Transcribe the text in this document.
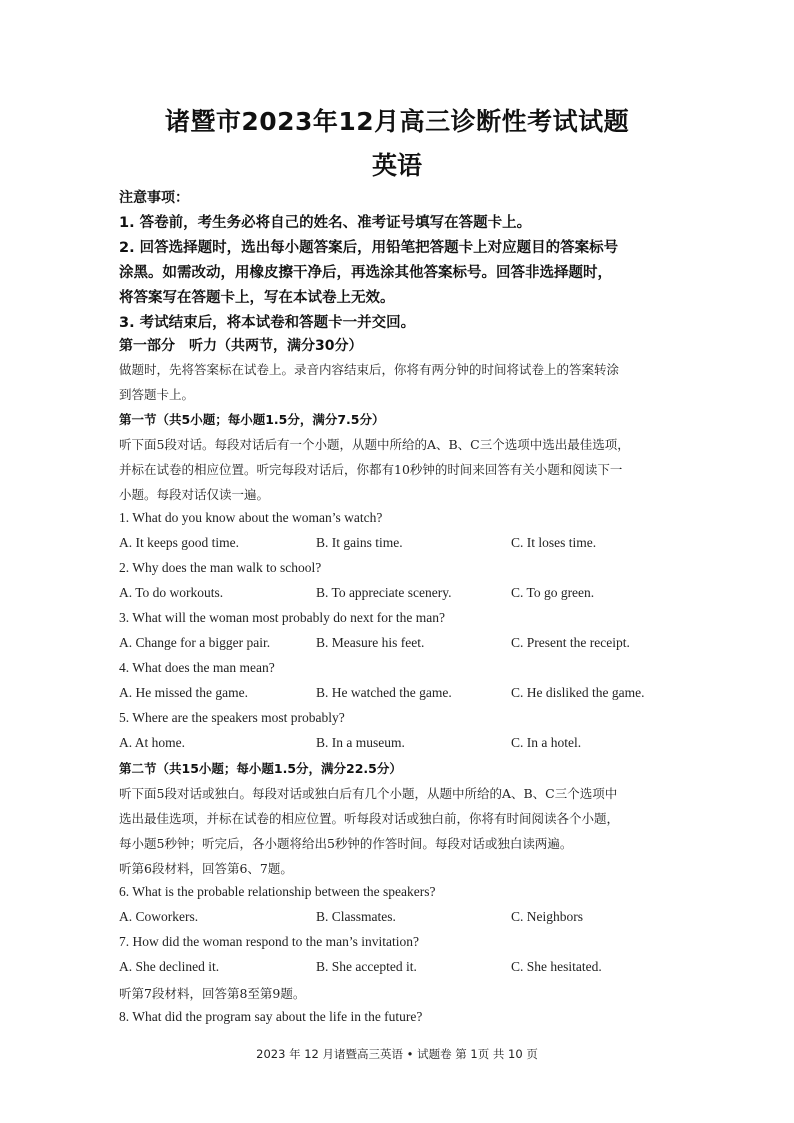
诸暨市2023年12月高三诊断性考试试题
英语
注意事项：
1. 答卷前，考生务必将自己的姓名、准考证号填写在答题卡上。
2. 回答选择题时，选出每小题答案后，用铅笔把答题卡上对应题目的答案标号
涂黑。如需改动，用橡皮擦干净后，再选涂其他答案标号。回答非选择题时，
将答案写在答题卡上，写在本试卷上无效。
3. 考试结束后，将本试卷和答题卡一并交回。
第一部分　听力（共两节，满分30分）
做题时，先将答案标在试卷上。录音内容结束后，你将有两分钟的时间将试卷上的答案转涂
到答题卡上。
第一节（共5小题；每小题1.5分，满分7.5分）
听下面5段对话。每段对话后有一个小题，从题中所给的A、B、C三个选项中选出最佳选项，
并标在试卷的相应位置。听完每段对话后，你都有10秒钟的时间来回答有关小题和阅读下一
小题。每段对话仅读一遍。
1. What do you know about the woman’s watch?
A. It keeps good time.	B. It gains time.	C. It loses time.
2. Why does the man walk to school?
A. To do workouts.	B. To appreciate scenery.	C. To go green.
3. What will the woman most probably do next for the man?
A. Change for a bigger pair.	B. Measure his feet.	C. Present the receipt.
4. What does the man mean?
A. He missed the game.	B. He watched the game.	C. He disliked the game.
5. Where are the speakers most probably?
A. At home.	B. In a museum.	C. In a hotel.
第二节（共15小题；每小题1.5分，满分22.5分）
听下面5段对话或独白。每段对话或独白后有几个小题，从题中所给的A、B、C三个选项中
选出最佳选项，并标在试卷的相应位置。听每段对话或独白前，你将有时间阅读各个小题，
每小题5秒钟；听完后，各小题将给出5秒钟的作答时间。每段对话或独白读两遍。
听第6段材料，回答第6、7题。
6. What is the probable relationship between the speakers?
A. Coworkers.	B. Classmates.	C. Neighbors
7. How did the woman respond to the man’s invitation?
A. She declined it.	B. She accepted it.	C. She hesitated.
听第7段材料，回答第8至第9题。
8. What did the program say about the life in the future?
2023 年 12 月诸暨高三英语 • 试题卷 第 1页 共 10 页
